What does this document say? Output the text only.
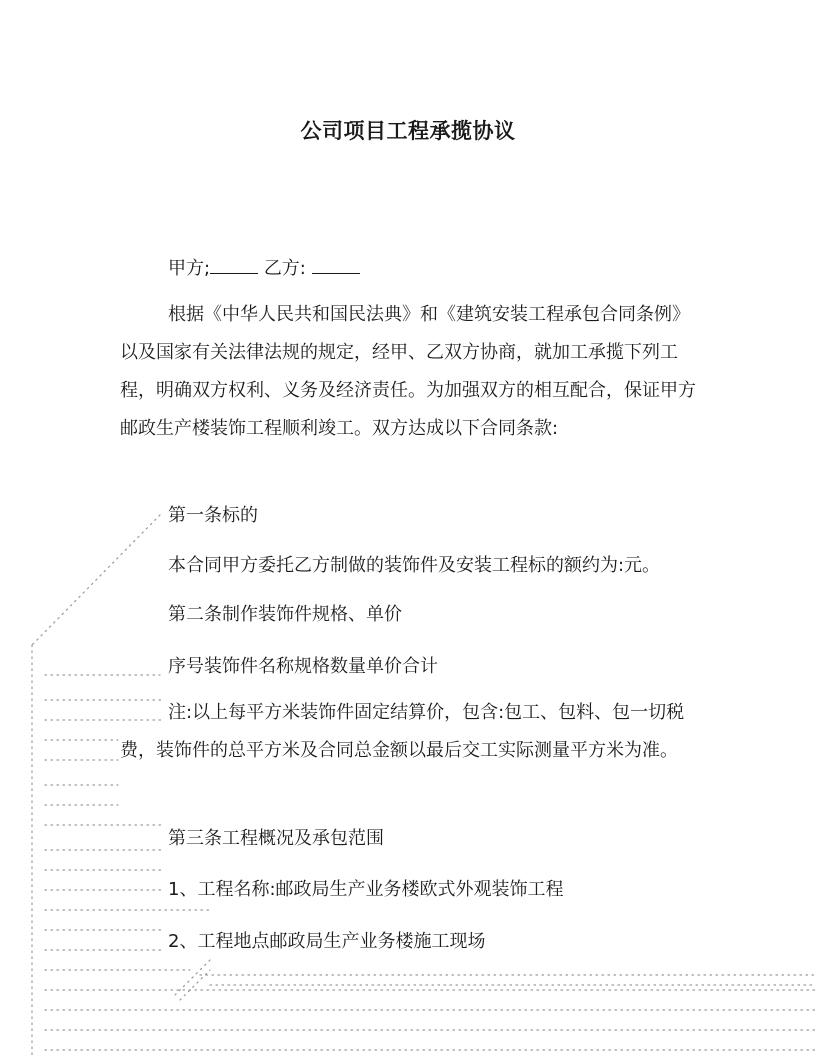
公司项目工程承揽协议
甲方;	乙方:

根据《中华人民共和国民法典》和《建筑安装工程承包合同条例》以及国家有关法律法规的规定，经甲、乙双方协商，就加工承揽下列工程，明确双方权利、义务及经济责任。为加强双方的相互配合，保证甲方邮政生产楼装饰工程顺利竣工。双方达成以下合同条款:

第一条标的
本合同甲方委托乙方制做的装饰件及安装工程标的额约为:元。
第二条制作装饰件规格、单价
序号装饰件名称规格数量单价合计

注:以上每平方米装饰件固定结算价，包含:包工、包料、包一切税费，装饰件的总平方米及合同总金额以最后交工实际测量平方米为准。

第三条工程概况及承包范围
1、工程名称:邮政局生产业务楼欧式外观装饰工程
2、工程地点邮政局生产业务楼施工现场
